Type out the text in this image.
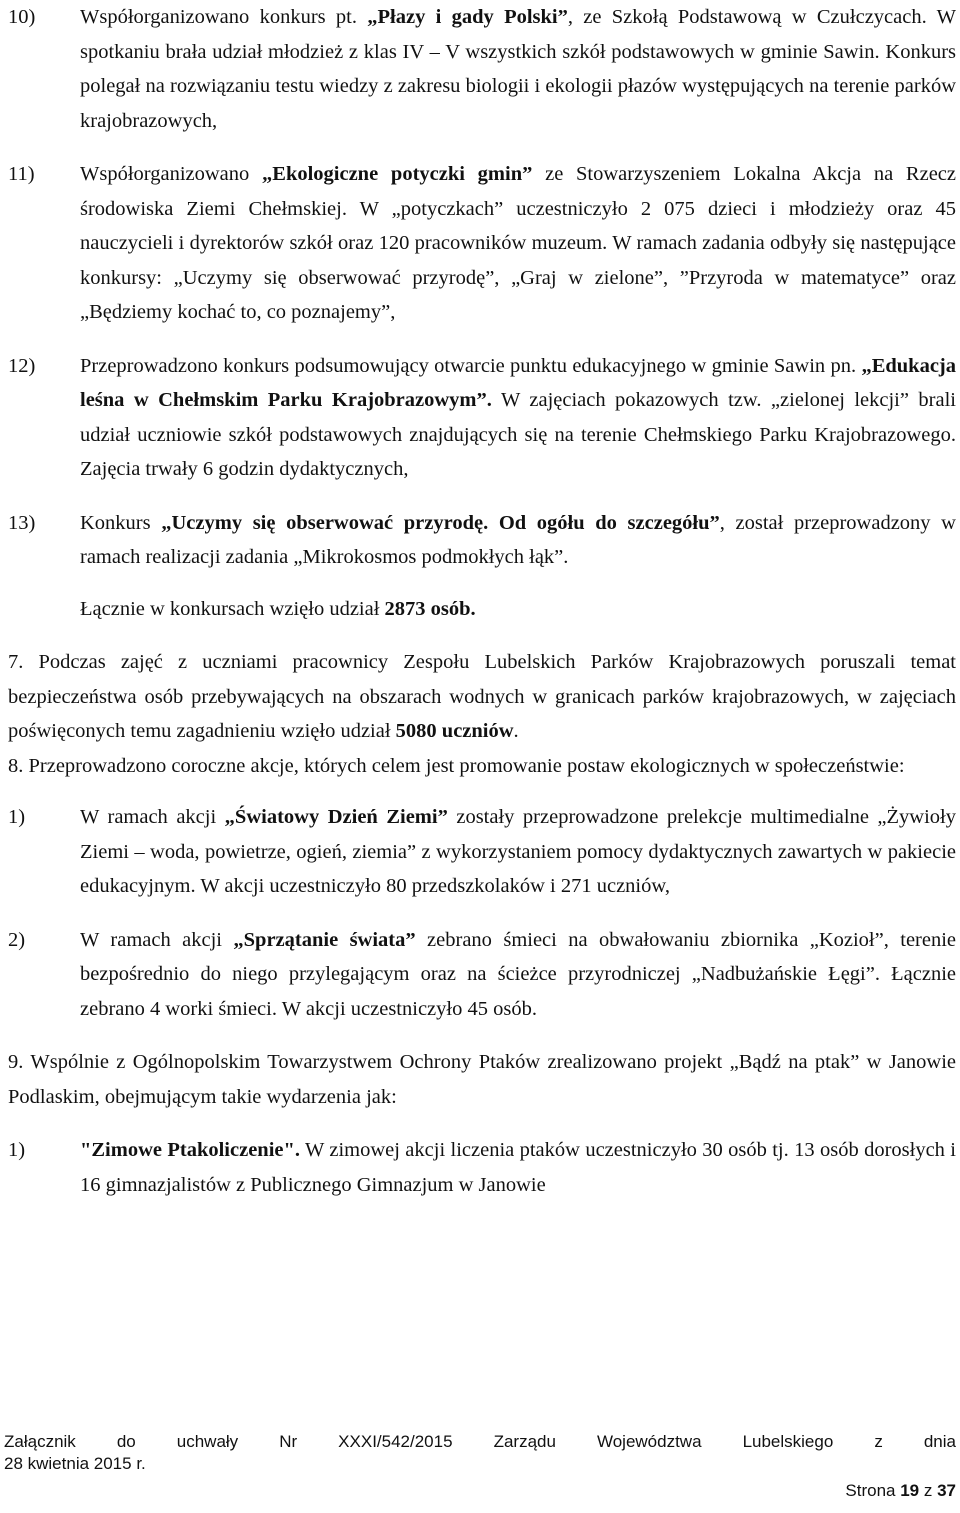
10) Współorganizowano konkurs pt. „Płazy i gady Polski”, ze Szkołą Podstawową w Czułczycach. W spotkaniu brała udział młodzież z klas IV – V wszystkich szkół podstawowych w gminie Sawin. Konkurs polegał na rozwiązaniu testu wiedzy z zakresu biologii i ekologii płazów występujących na terenie parków krajobrazowych,
11) Współorganizowano „Ekologiczne potyczki gmin” ze Stowarzyszeniem Lokalna Akcja na Rzecz środowiska Ziemi Chełmskiej. W „potyczkach” uczestniczyło 2 075 dzieci i młodzieży oraz 45 nauczycieli i dyrektorów szkół oraz 120 pracowników muzeum. W ramach zadania odbyły się następujące konkursy: „Uczymy się obserwować przyrodę”, „Graj w zielone”, ”Przyroda w matematyce” oraz „Będziemy kochać to, co poznajemy”,
12) Przeprowadzono konkurs podsumowujący otwarcie punktu edukacyjnego w gminie Sawin pn. „Edukacja leśna w Chełmskim Parku Krajobrazowym”. W zajęciach pokazowych tzw. „zielonej lekcji” brali udział uczniowie szkół podstawowych znajdujących się na terenie Chełmskiego Parku Krajobrazowego. Zajęcia trwały 6 godzin dydaktycznych,
13) Konkurs „Uczymy się obserwować przyrodę. Od ogółu do szczegółu”, został przeprowadzony w ramach realizacji zadania „Mikrokosmos podmokłych łąk”.

Łącznie w konkursach wzięło udział 2873 osób.

7. Podczas zajęć z uczniami pracownicy Zespołu Lubelskich Parków Krajobrazowych poruszali temat bezpieczeństwa osób przebywających na obszarach wodnych w granicach parków krajobrazowych, w zajęciach poświęconych temu zagadnieniu wzięło udział 5080 uczniów.

8. Przeprowadzono coroczne akcje, których celem jest promowanie postaw ekologicznych w społeczeństwie:

1)	W ramach akcji „Światowy Dzień Ziemi” zostały przeprowadzone prelekcje multimedialne „Żywioły Ziemi – woda, powietrze, ogień, ziemia” z wykorzystaniem pomocy dydaktycznych zawartych w pakiecie edukacyjnym. W akcji uczestniczyło 80 przedszkolaków i 271 uczniów,
2)	W ramach akcji „Sprzątanie świata” zebrano śmieci na obwałowaniu zbiornika „Kozioł”, terenie bezpośrednio do niego przylegającym oraz na ścieżce przyrodniczej „Nadbużańskie Łęgi”. Łącznie zebrano 4 worki śmieci. W akcji uczestniczyło 45 osób.

9. Wspólnie z Ogólnopolskim Towarzystwem Ochrony Ptaków zrealizowano projekt „Bądź na ptak” w Janowie Podlaskim, obejmującym takie wydarzenia jak:

1)	"Zimowe Ptakoliczenie". W zimowej akcji liczenia ptaków uczestniczyło 30 osób tj. 13 osób dorosłych i 16 gimnazjalistów z Publicznego Gimnazjum w Janowie

Załącznik do uchwały Nr XXXI/542/2015 Zarządu Województwa Lubelskiego z dnia

28 kwietnia 2015 r.

Strona 19 z 37
